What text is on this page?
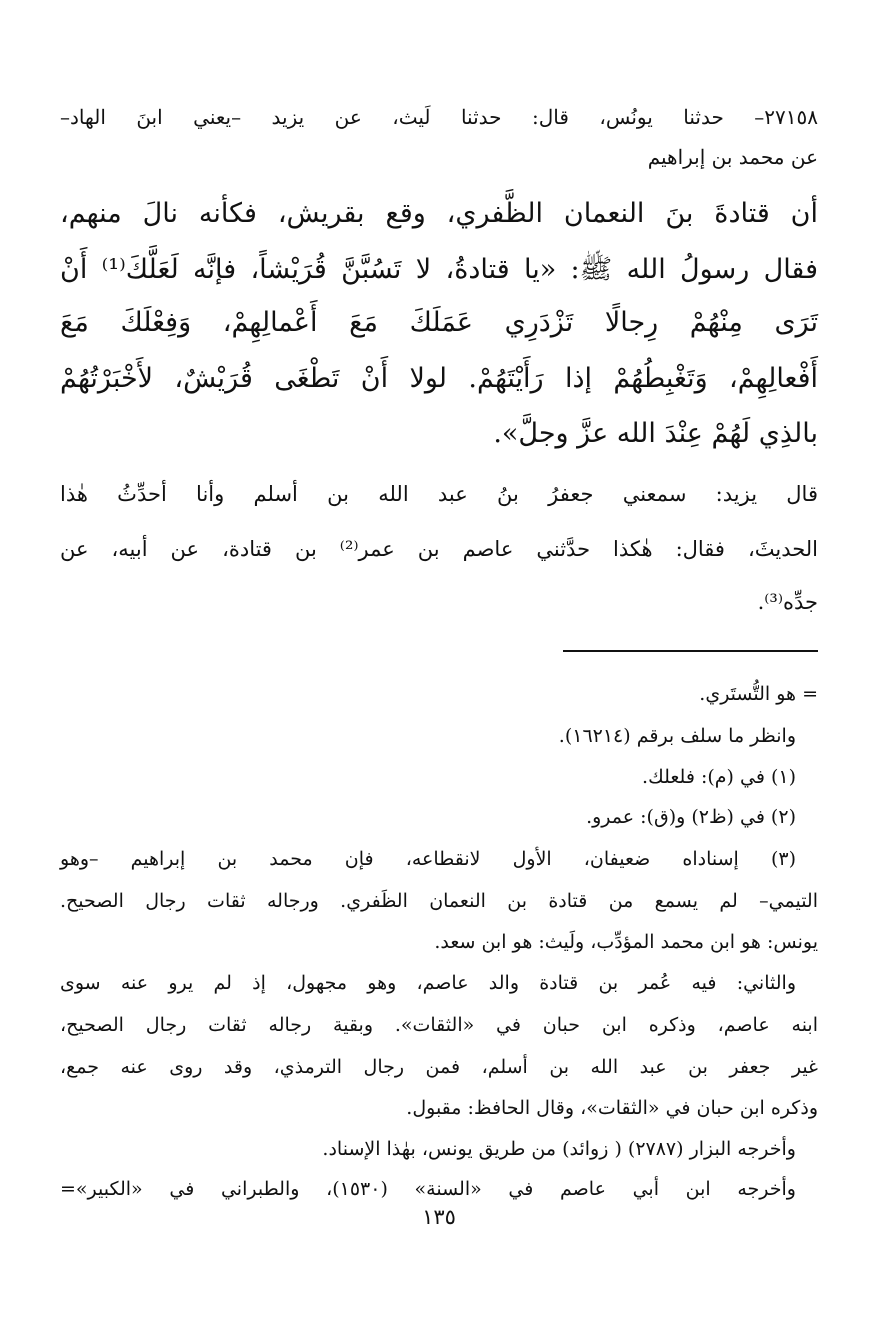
٢٧١٥٨– حدثنا يونُس، قال: حدثنا لَيث، عن يزيد –يعني ابنَ الهاد–
عن محمد بن إبراهيم
أن قتادةَ بنَ النعمان الظَّفري، وقع بقريش، فكأنه نالَ منهم،
فقال رسولُ الله ﷺ: «يا قتادةُ، لا تَسُبَّنَّ قُرَيْشاً، فإنَّه لَعَلَّكَ⁽¹⁾ أَنْ
تَرَى مِنْهُمْ رِجالًا تَزْدَرِي عَمَلَكَ مَعَ أَعْمالِهِمْ، وَفِعْلَكَ مَعَ
أَفْعالِهِمْ، وَتَغْبِطُهُمْ إذا رَأَيْتَهُمْ. لولا أَنْ تَطْغَى قُرَيْشٌ، لأَخْبَرْتُهُمْ
بالذِي لَهُمْ عِنْدَ الله عزَّ وجلَّ».
قال يزيد: سمعني جعفرُ بنُ عبد الله بن أسلم وأنا أحدِّثُ هٰذا
الحديثَ، فقال: هٰكذا حدَّثني عاصم بن عمر⁽²⁾ بن قتادة، عن أبيه، عن
جدِّه⁽³⁾.
= هو التُّستَري.
وانظر ما سلف برقم (١٦٢١٤).
(١) في (م): فلعلك.
(٢) في (ظ٢) و(ق): عمرو.
(٣) إسناداه ضعيفان، الأول لانقطاعه، فإن محمد بن إبراهيم –وهو
التيمي– لم يسمع من قتادة بن النعمان الظَفري. ورجاله ثقات رجال الصحيح.
يونس: هو ابن محمد المؤدِّب، ولَيث: هو ابن سعد.
والثاني: فيه عُمر بن قتادة والد عاصم، وهو مجهول، إذ لم يرو عنه سوى
ابنه عاصم، وذكره ابن حبان في «الثقات». وبقية رجاله ثقات رجال الصحيح،
غير جعفر بن عبد الله بن أسلم، فمن رجال الترمذي، وقد روى عنه جمع،
وذكره ابن حبان في «الثقات»، وقال الحافظ: مقبول.
وأخرجه البزار (٢٧٨٧) ( زوائد) من طريق يونس، بهٰذا الإسناد.
وأخرجه ابن أبي عاصم في «السنة» (١٥٣٠)، والطبراني في «الكبير»=
١٣٥
